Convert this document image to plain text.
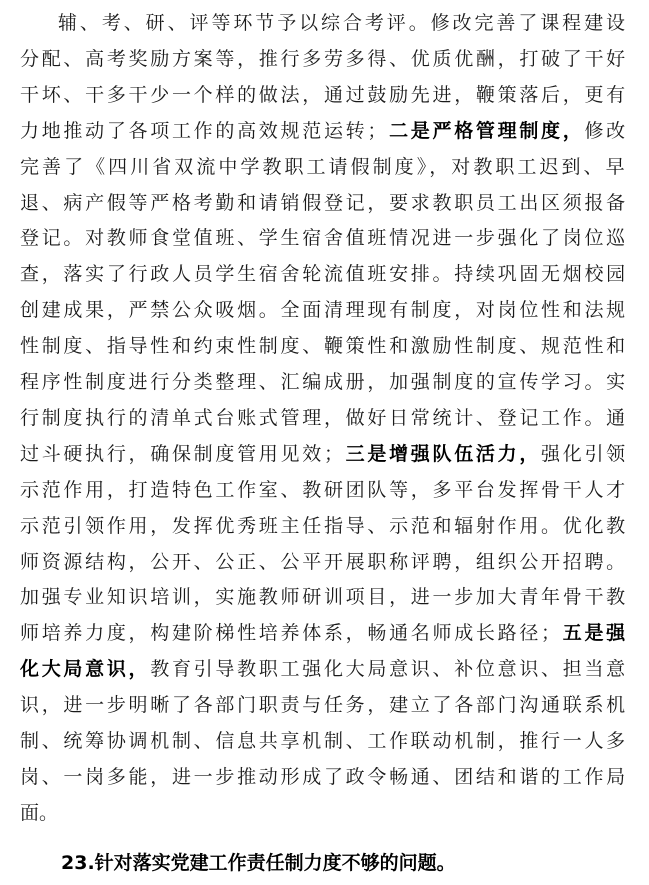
辅、考、研、评等环节予以综合考评。修改完善了课程建设
分配、高考奖励方案等，推行多劳多得、优质优酬，打破了干好
干坏、干多干少一个样的做法，通过鼓励先进，鞭策落后，更有
力地推动了各项工作的高效规范运转；二是严格管理制度，修改
完善了《四川省双流中学教职工请假制度》，对教职工迟到、早
退、病产假等严格考勤和请销假登记，要求教职员工出区须报备
登记。对教师食堂值班、学生宿舍值班情况进一步强化了岗位巡
查，落实了行政人员学生宿舍轮流值班安排。持续巩固无烟校园
创建成果，严禁公众吸烟。全面清理现有制度，对岗位性和法规
性制度、指导性和约束性制度、鞭策性和激励性制度、规范性和
程序性制度进行分类整理、汇编成册，加强制度的宣传学习。实
行制度执行的清单式台账式管理，做好日常统计、登记工作。通
过斗硬执行，确保制度管用见效；三是增强队伍活力，强化引领
示范作用，打造特色工作室、教研团队等，多平台发挥骨干人才
示范引领作用，发挥优秀班主任指导、示范和辐射作用。优化教
师资源结构，公开、公正、公平开展职称评聘，组织公开招聘。
加强专业知识培训，实施教师研训项目，进一步加大青年骨干教
师培养力度，构建阶梯性培养体系，畅通名师成长路径；五是强
化大局意识，教育引导教职工强化大局意识、补位意识、担当意
识，进一步明晰了各部门职责与任务，建立了各部门沟通联系机
制、统筹协调机制、信息共享机制、工作联动机制，推行一人多
岗、一岗多能，进一步推动形成了政令畅通、团结和谐的工作局
面。
23.针对落实党建工作责任制力度不够的问题。
